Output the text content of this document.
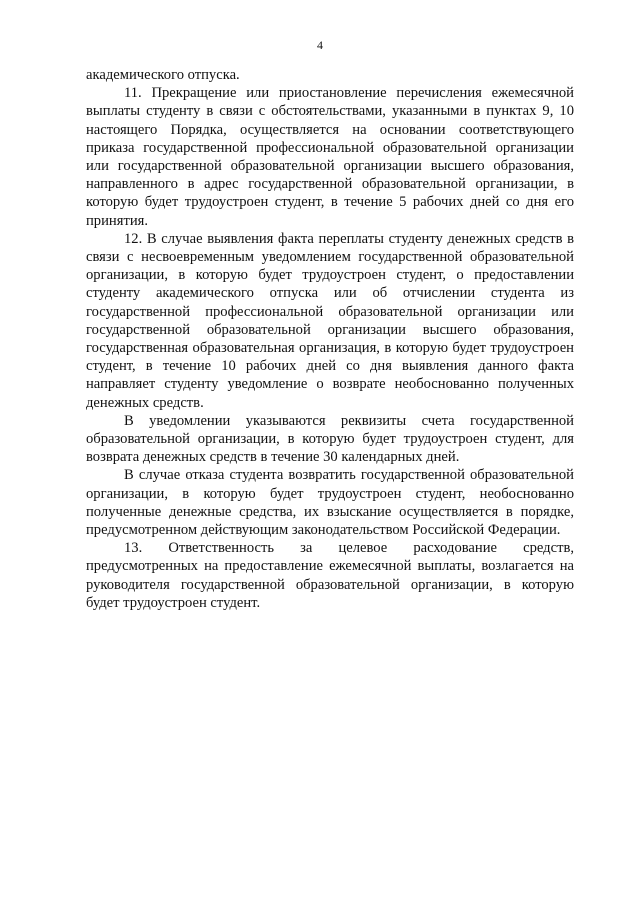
4

академического отпуска.

11. Прекращение или приостановление перечисления ежемесячной выплаты студенту в связи с обстоятельствами, указанными в пунктах 9, 10 настоящего Порядка, осуществляется на основании соответствующего приказа государственной профессиональной образовательной организации или государственной образовательной организации высшего образования, направленного в адрес государственной образовательной организации, в которую будет трудоустроен студент, в течение 5 рабочих дней со дня его принятия.

12. В случае выявления факта переплаты студенту денежных средств в связи с несвоевременным уведомлением государственной образовательной организации, в которую будет трудоустроен студент, о предоставлении студенту академического отпуска или об отчислении студента из государственной профессиональной образовательной организации или государственной образовательной организации высшего образования, государственная образовательная организация, в которую будет трудоустроен студент, в течение 10 рабочих дней со дня выявления данного факта направляет студенту уведомление о возврате необоснованно полученных денежных средств.

В уведомлении указываются реквизиты счета государственной образовательной организации, в которую будет трудоустроен студент, для возврата денежных средств в течение 30 календарных дней.

В случае отказа студента возвратить государственной образовательной организации, в которую будет трудоустроен студент, необоснованно полученные денежные средства, их взыскание осуществляется в порядке, предусмотренном действующим законодательством Российской Федерации.

13. Ответственность за целевое расходование средств, предусмотренных на предоставление ежемесячной выплаты, возлагается на руководителя государственной образовательной организации, в которую будет трудоустроен студент.
